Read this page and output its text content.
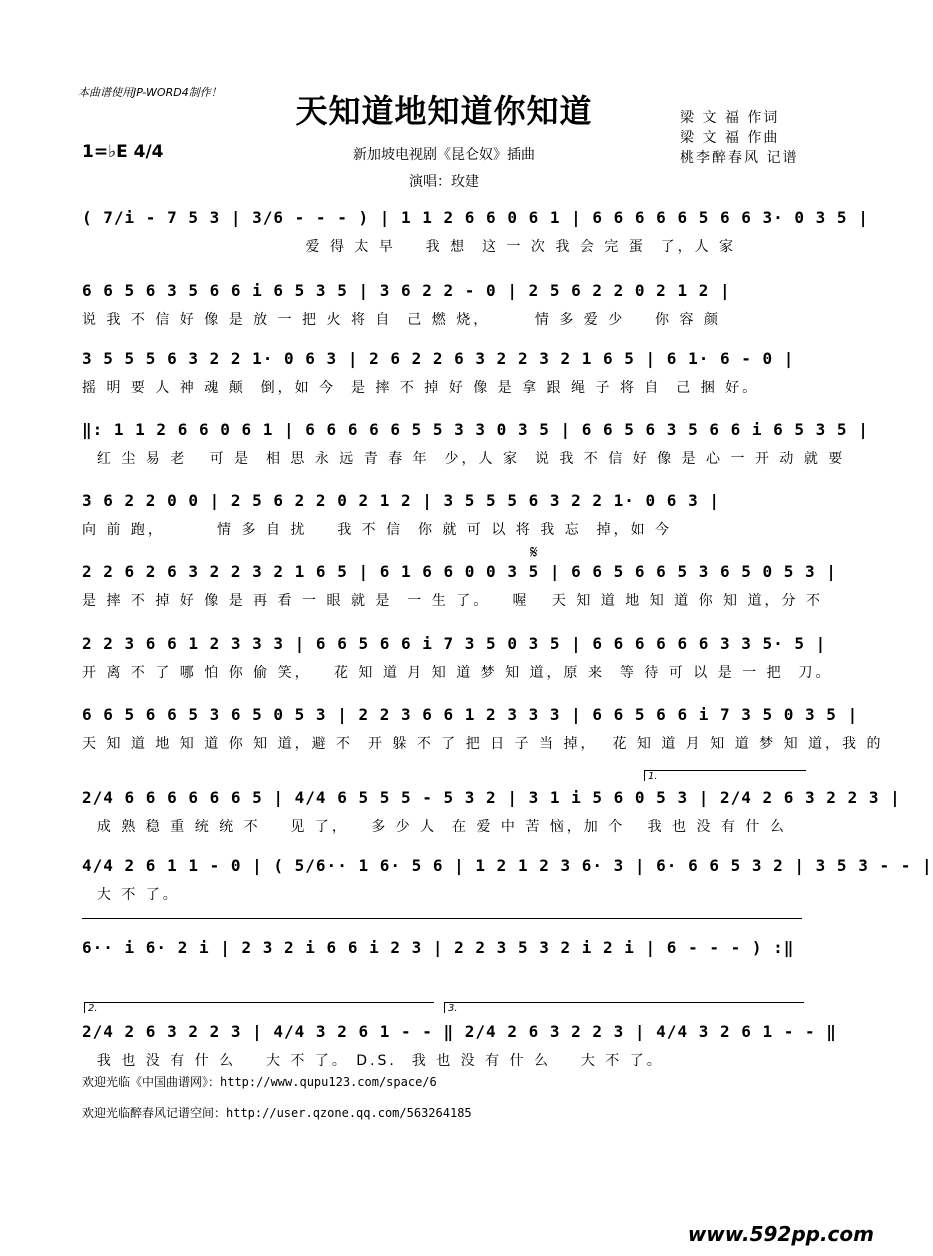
本曲谱使用JP-WORD4制作！	天知道地知道你知道
1=♭E 4/4	新加坡电视剧《昆仑奴》插曲
演唱：玫建
梁 文 福 作词
梁 文 福 作曲
桃李醉春风 记谱
( 7/i - 7 5 3 | 3/6 - - - ) | 1 1 2 6 6 0 6 1 | 6 6 6 6 6 5 6 6 3· 0 3 5 |
爱 得 太 早    我 想  这 一 次 我 会 完 蛋  了，人 家
6 6 5 6 3 5 6 6 i 6 5 3 5 | 3 6 2 2 - 0 | 2 5 6 2 2 0 2 1 2 |
说 我 不 信 好 像 是 放 一 把 火 将 自  己 燃 烧，      情 多 爱 少    你 容 颜
3 5 5 5 6 3 2 2 1· 0 6 3 | 2 6 2 2 6 3 2 2 3 2 1 6 5 | 6 1· 6 - 0 |
摇 明 要 人 神 魂 颠  倒，如 今  是 摔 不 掉 好 像 是 拿 跟 绳 子 将 自  己 捆 好。
‖: 1 1 2 6 6 0 6 1 | 6 6 6 6 6 5 5 3 3 0 3 5 | 6 6 5 6 3 5 6 6 i 6 5 3 5 |
红 尘 易 老   可 是  相 思 永 远 青 春 年  少，人 家  说 我 不 信 好 像 是 心 一 开 动 就 要
3 6 2 2 0 0 | 2 5 6 2 2 0 2 1 2 | 3 5 5 5 6 3 2 2 1· 0 6 3 |
向 前 跑，       情 多 自 扰    我 不 信  你 就 可 以 将 我 忘  掉，如 今
𝄋
2 2 6 2 6 3 2 2 3 2 1 6 5 | 6 1 6 6 0 0 3 5 | 6 6 5 6 6 5 3 6 5 0 5 3 |
是 摔 不 掉 好 像 是 再 看 一 眼 就 是  一 生 了。   喔   天 知 道 地 知 道 你 知 道，分 不
2 2 3 6 6 1 2 3 3 3 | 6 6 5 6 6 i 7 3 5 0 3 5 | 6 6 6 6 6 6 3 3 5· 5 |
开 离 不 了 哪 怕 你 偷 笑，   花 知 道 月 知 道 梦 知 道，原 来  等 待 可 以 是 一 把  刀。
6 6 5 6 6 5 3 6 5 0 5 3 | 2 2 3 6 6 1 2 3 3 3 | 6 6 5 6 6 i 7 3 5 0 3 5 |
天 知 道 地 知 道 你 知 道，避 不  开 躲 不 了 把 日 子 当 掉，  花 知 道 月 知 道 梦 知 道，我 的
1.
2/4 6 6 6 6 6 6 5 | 4/4 6 5 5 5 - 5 3 2 | 3 1 i 5 6 0 5 3 | 2/4 2 6 3 2 2 3 |
成 熟 稳 重 统 统 不    见 了，   多 少 人  在 爱 中 苦 恼，加 个   我 也 没 有 什 么
4/4 2 6 1 1 - 0 | ( 5/6·· 1 6· 5 6 | 1 2 1 2 3 6· 3 | 6· 6 6 5 3 2 | 3 5 3 - - |
大 不 了。
6·· i 6· 2 i | 2 3 2 i 6 6 i 2 3 | 2 2 3 5 3 2 i 2 i | 6 - - - ) :‖
2.	3.
2/4 2 6 3 2 2 3 | 4/4 3 2 6 1 - - ‖ 2/4 2 6 3 2 2 3 | 4/4 3 2 6 1 - - ‖
我 也 没 有 什 么    大 不 了。 D.S.  我 也 没 有 什 么    大 不 了。
欢迎光临《中国曲谱网》：http://www.qupu123.com/space/6
欢迎光临醉春风记谱空间：http://user.qzone.qq.com/563264185
www.592pp.com
